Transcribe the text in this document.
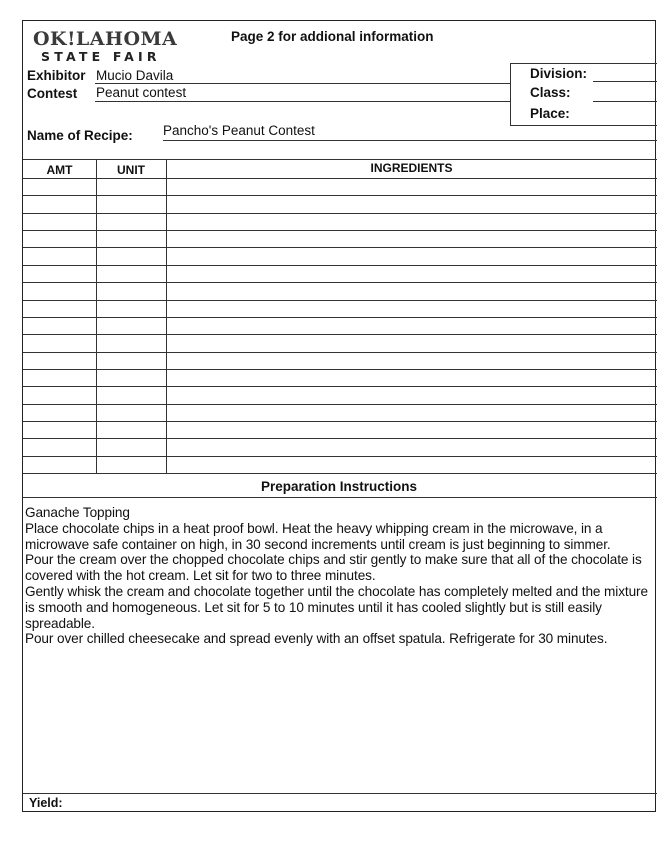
OK!LAHOMA
STATE FAIR
Page 2 for addional information
Division:
Class:
Place:
Exhibitor Mucio Davila
Contest Peanut contest
Name of Recipe: Pancho's Peanut Contest
AMT	UNIT	INGREDIENTS
Preparation Instructions

Ganache Topping

Place chocolate chips in a heat proof bowl. Heat the heavy whipping cream in the microwave, in a microwave safe container on high, in 30 second increments until cream is just beginning to simmer.

Pour the cream over the chopped chocolate chips and stir gently to make sure that all of the chocolate is covered with the hot cream. Let sit for two to three minutes.

Gently whisk the cream and chocolate together until the chocolate has completely melted and the mixture is smooth and homogeneous. Let sit for 5 to 10 minutes until it has cooled slightly but is still easily spreadable.

Pour over chilled cheesecake and spread evenly with an offset spatula. Refrigerate for 30 minutes.

Yield:
